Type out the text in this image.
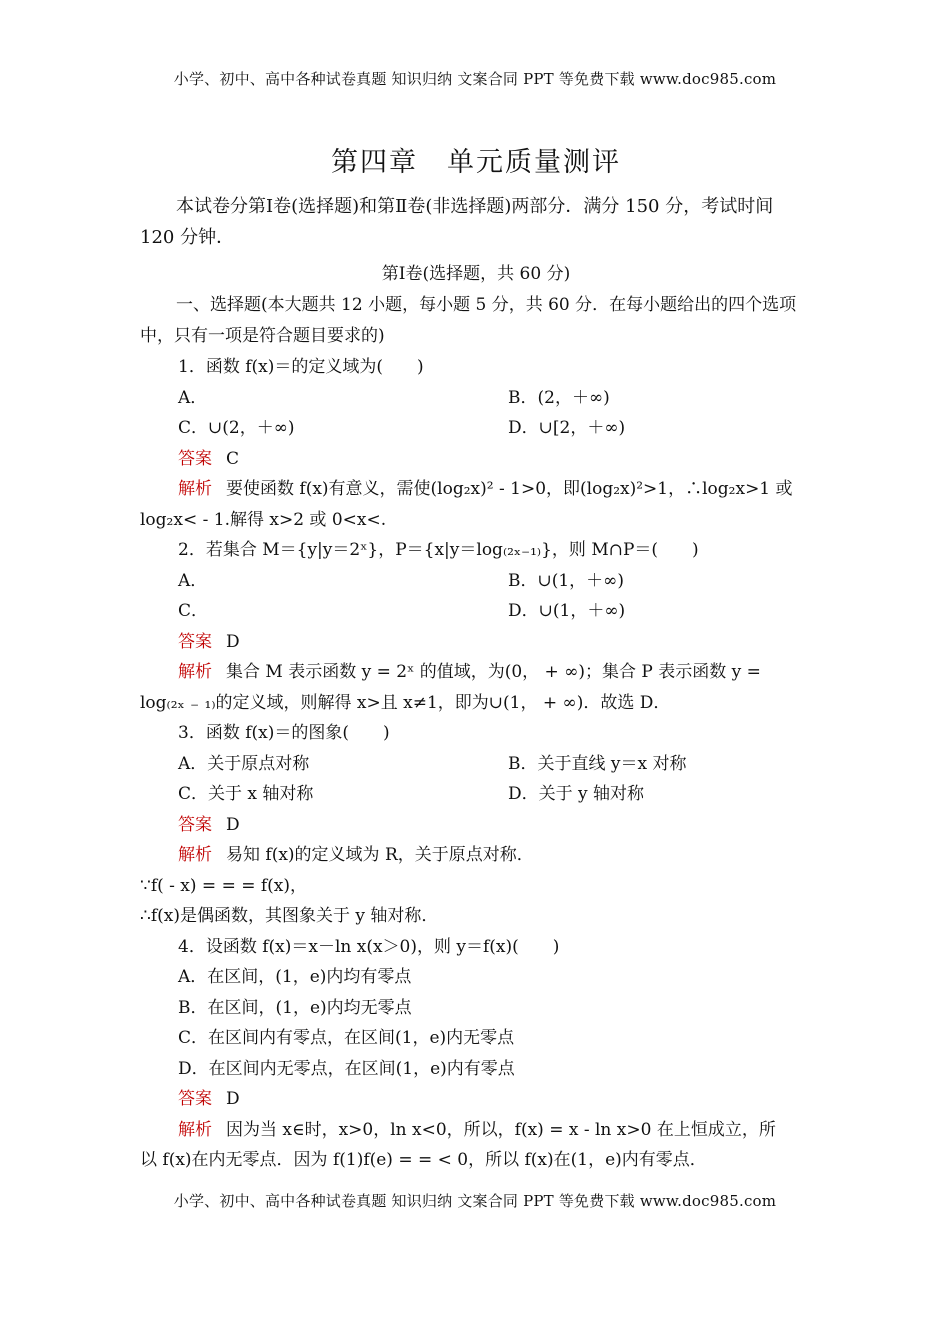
小学、初中、高中各种试卷真题 知识归纳 文案合同 PPT 等免费下载 www.doc985.com
第四章　单元质量测评

本试卷分第Ⅰ卷(选择题)和第Ⅱ卷(非选择题)两部分．满分 150 分，考试时间 120 分钟．

第Ⅰ卷(选择题，共 60 分)

一、选择题(本大题共 12 小题，每小题 5 分，共 60 分．在每小题给出的四个选项中，只有一项是符合题目要求的)

1．函数 f(x)＝的定义域为(　　)

A．	B．(2，＋∞)
C．∪(2，＋∞)	D．∪[2，＋∞)
答案 C

解析 要使函数 f(x)有意义，需使(log₂x)² - 1>0，即(log₂x)²>1，∴log₂x>1 或

log₂x< - 1.解得 x>2 或 0<x<.

2．若集合 M＝{y|y＝2ˣ}，P＝{x|y＝log₍₂ₓ₋₁₎}，则 M∩P＝(　　)

A．	B．∪(1，＋∞)
C．	D．∪(1，＋∞)
答案 D

解析 集合 M 表示函数 y = 2ˣ 的值域，为(0， + ∞)；集合 P 表示函数 y =

log₍₂ₓ ₋ ₁₎的定义域，则解得 x>且 x≠1，即为∪(1， + ∞)．故选 D．

3．函数 f(x)＝的图象(　　)

A．关于原点对称	B．关于直线 y＝x 对称
C．关于 x 轴对称	D．关于 y 轴对称
答案 D

解析 易知 f(x)的定义域为 R，关于原点对称．

∵f( - x) = = = f(x)，

∴f(x)是偶函数，其图象关于 y 轴对称．

4．设函数 f(x)＝x－ln x(x＞0)，则 y＝f(x)(　　)

A．在区间，(1，e)内均有零点
B．在区间，(1，e)内均无零点
C．在区间内有零点，在区间(1，e)内无零点
D．在区间内无零点，在区间(1，e)内有零点
答案 D

解析 因为当 x∈时，x>0，ln x<0，所以，f(x) = x - ln x>0 在上恒成立，所

以 f(x)在内无零点．因为 f(1)f(e) = = < 0，所以 f(x)在(1，e)内有零点．

小学、初中、高中各种试卷真题 知识归纳 文案合同 PPT 等免费下载 www.doc985.com
